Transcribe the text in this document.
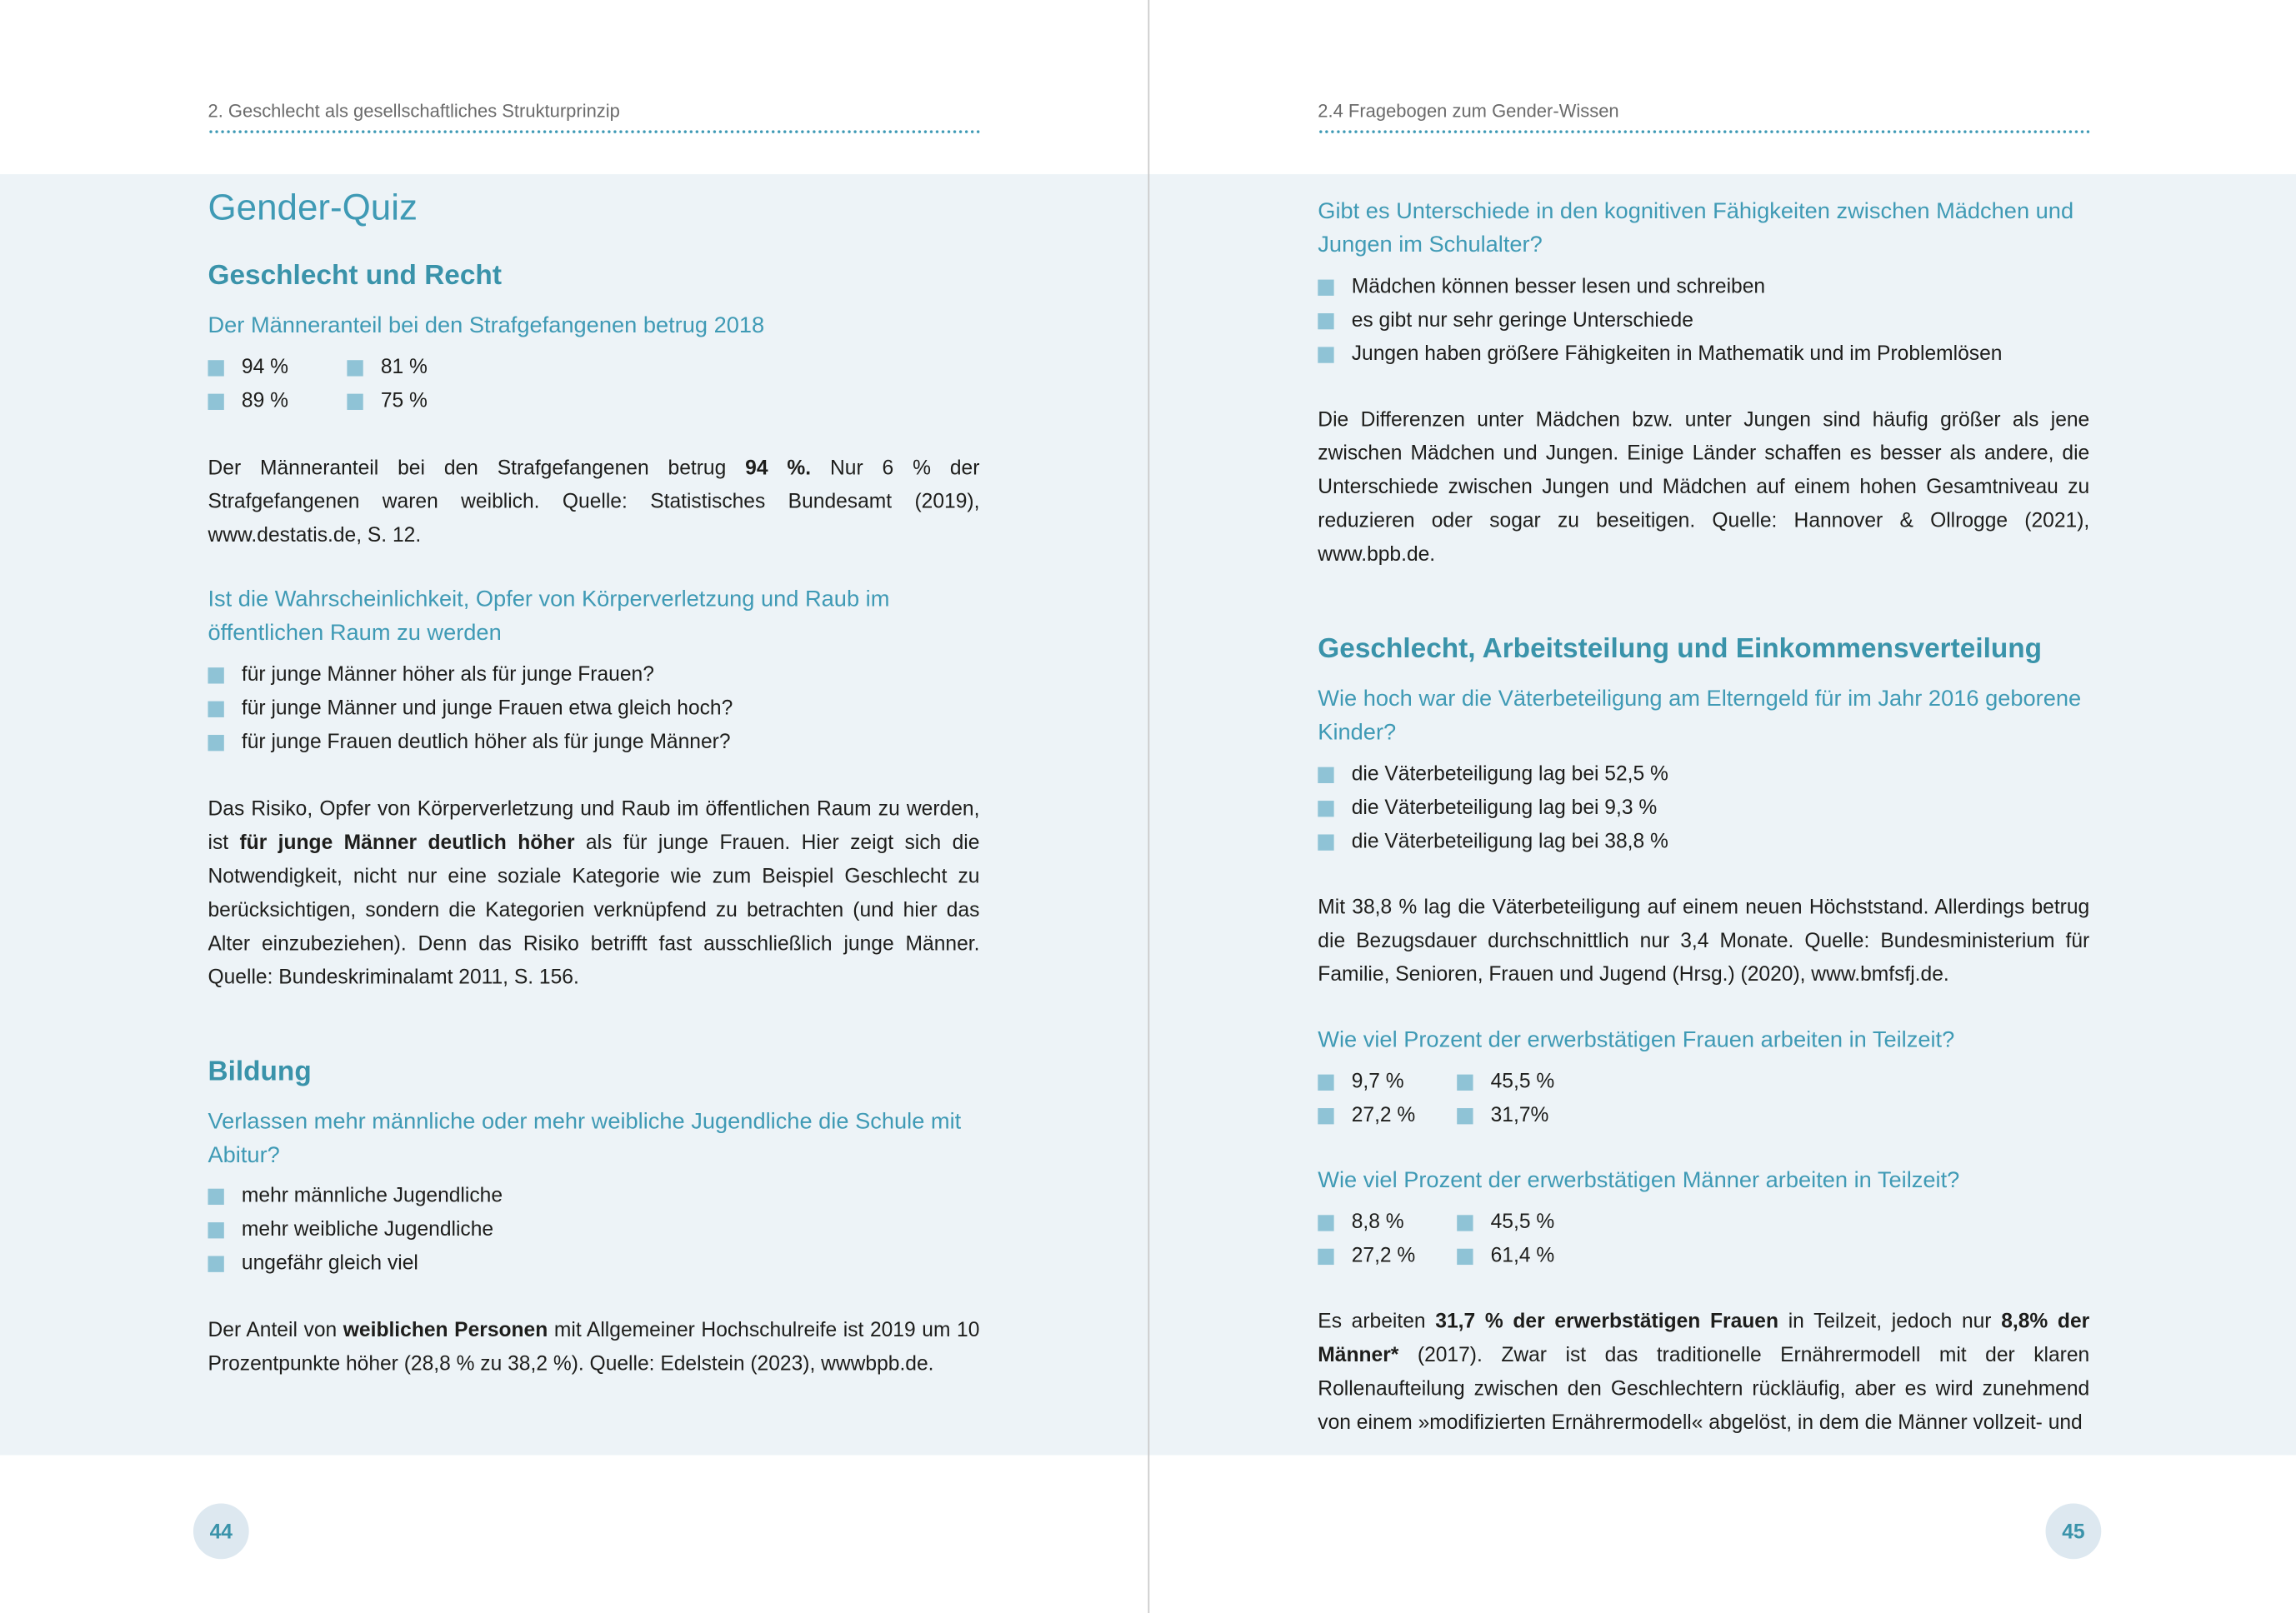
2. Geschlecht als gesellschaftliches Strukturprinzip
Gender-Quiz
Geschlecht und Recht
Der Männeranteil bei den Strafgefangenen betrug 2018
94 %	81 %
89 %	75 %
Der Männeranteil bei den Strafgefangenen betrug 94 %. Nur 6 % der Strafgefangenen waren weiblich. Quelle: Statistisches Bundesamt (2019), www.destatis.de, S. 12.
Ist die Wahrscheinlichkeit, Opfer von Körperverletzung und Raub im öffentlichen Raum zu werden
für junge Männer höher als für junge Frauen?
für junge Männer und junge Frauen etwa gleich hoch?
für junge Frauen deutlich höher als für junge Männer?
Das Risiko, Opfer von Körperverletzung und Raub im öffentlichen Raum zu werden, ist für junge Männer deutlich höher als für junge Frauen. Hier zeigt sich die Notwendigkeit, nicht nur eine soziale Kategorie wie zum Beispiel Geschlecht zu berücksichtigen, sondern die Kategorien verknüpfend zu betrachten (und hier das Alter einzubeziehen). Denn das Risiko betrifft fast ausschließlich junge Männer. Quelle: Bundeskriminalamt 2011, S. 156.
Bildung
Verlassen mehr männliche oder mehr weibliche Jugendliche die Schule mit Abitur?
mehr männliche Jugendliche
mehr weibliche Jugendliche
ungefähr gleich viel
Der Anteil von weiblichen Personen mit Allgemeiner Hochschulreife ist 2019 um 10 Prozentpunkte höher (28,8 % zu 38,2 %). Quelle: Edelstein (2023), wwwbpb.de.
44
2.4 Fragebogen zum Gender-Wissen
Gibt es Unterschiede in den kognitiven Fähigkeiten zwischen Mädchen und Jungen im Schulalter?
Mädchen können besser lesen und schreiben
es gibt nur sehr geringe Unterschiede
Jungen haben größere Fähigkeiten in Mathematik und im Problemlösen
Die Differenzen unter Mädchen bzw. unter Jungen sind häufig größer als jene zwischen Mädchen und Jungen. Einige Länder schaffen es besser als andere, die Unterschiede zwischen Jungen und Mädchen auf einem hohen Gesamtniveau zu reduzieren oder sogar zu beseitigen. Quelle: Hannover & Ollrogge (2021), www.bpb.de.
Geschlecht, Arbeitsteilung und Einkommensverteilung
Wie hoch war die Väterbeteiligung am Elterngeld für im Jahr 2016 geborene Kinder?
die Väterbeteiligung lag bei 52,5 %
die Väterbeteiligung lag bei 9,3 %
die Väterbeteiligung lag bei 38,8 %
Mit 38,8 % lag die Väterbeteiligung auf einem neuen Höchststand. Allerdings betrug die Bezugsdauer durchschnittlich nur 3,4 Monate. Quelle: Bundesministerium für Familie, Senioren, Frauen und Jugend (Hrsg.) (2020), www.bmfsfj.de.
Wie viel Prozent der erwerbstätigen Frauen arbeiten in Teilzeit?
9,7 %	45,5 %
27,2 %	31,7%
Wie viel Prozent der erwerbstätigen Männer arbeiten in Teilzeit?
8,8 %	45,5 %
27,2 %	61,4 %
Es arbeiten 31,7 % der erwerbstätigen Frauen in Teilzeit, jedoch nur 8,8% der Männer* (2017). Zwar ist das traditionelle Ernährermodell mit der klaren Rollenaufteilung zwischen den Geschlechtern rückläufig, aber es wird zunehmend von einem »modifizierten Ernährermodell« abgelöst, in dem die Männer vollzeit- und
45
